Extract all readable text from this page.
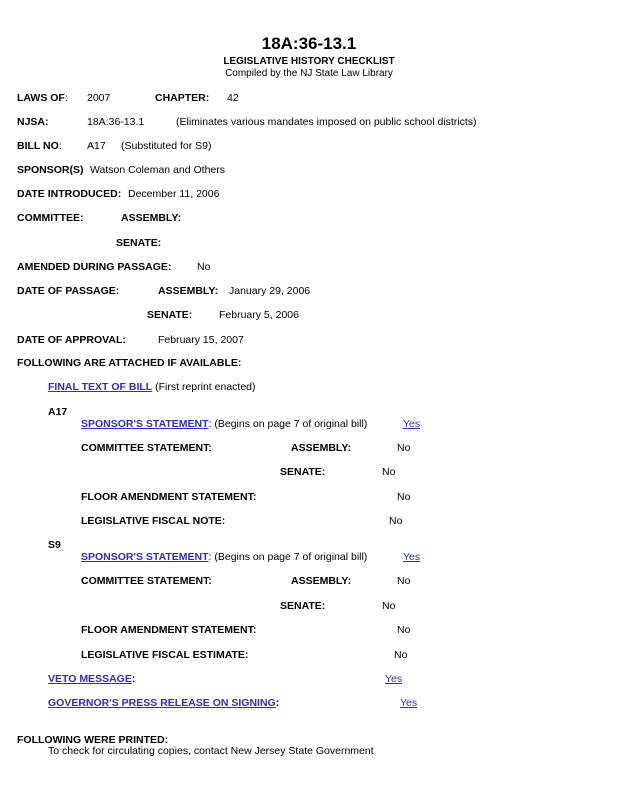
18A:36-13.1
LEGISLATIVE HISTORY CHECKLIST
Compiled by the NJ State Law Library
LAWS OF: 2007	CHAPTER: 42
NJSA:	18A:36-13.1	(Eliminates various mandates imposed on public school districts)
BILL NO: A17 (Substituted for S9)
SPONSOR(S) Watson Coleman and Others
DATE INTRODUCED: December 11, 2006
COMMITTEE:	ASSEMBLY:
SENATE:
AMENDED DURING PASSAGE: No
DATE OF PASSAGE:	ASSEMBLY: January 29, 2006
SENATE:	February 5, 2006
DATE OF APPROVAL:	February 15, 2007
FOLLOWING ARE ATTACHED IF AVAILABLE:
FINAL TEXT OF BILL (First reprint enacted)
A17
SPONSOR'S STATEMENT: (Begins on page 7 of original bill)	Yes
COMMITTEE STATEMENT:	ASSEMBLY:	No
SENATE:	No
FLOOR AMENDMENT STATEMENT:	No
LEGISLATIVE FISCAL NOTE:	No
S9
SPONSOR'S STATEMENT: (Begins on page 7 of original bill)	Yes
COMMITTEE STATEMENT:	ASSEMBLY:	No
SENATE:	No
FLOOR AMENDMENT STATEMENT:	No
LEGISLATIVE FISCAL ESTIMATE:	No
VETO MESSAGE:	Yes
GOVERNOR'S PRESS RELEASE ON SIGNING:	Yes
FOLLOWING WERE PRINTED:
To check for circulating copies, contact New Jersey State Government
